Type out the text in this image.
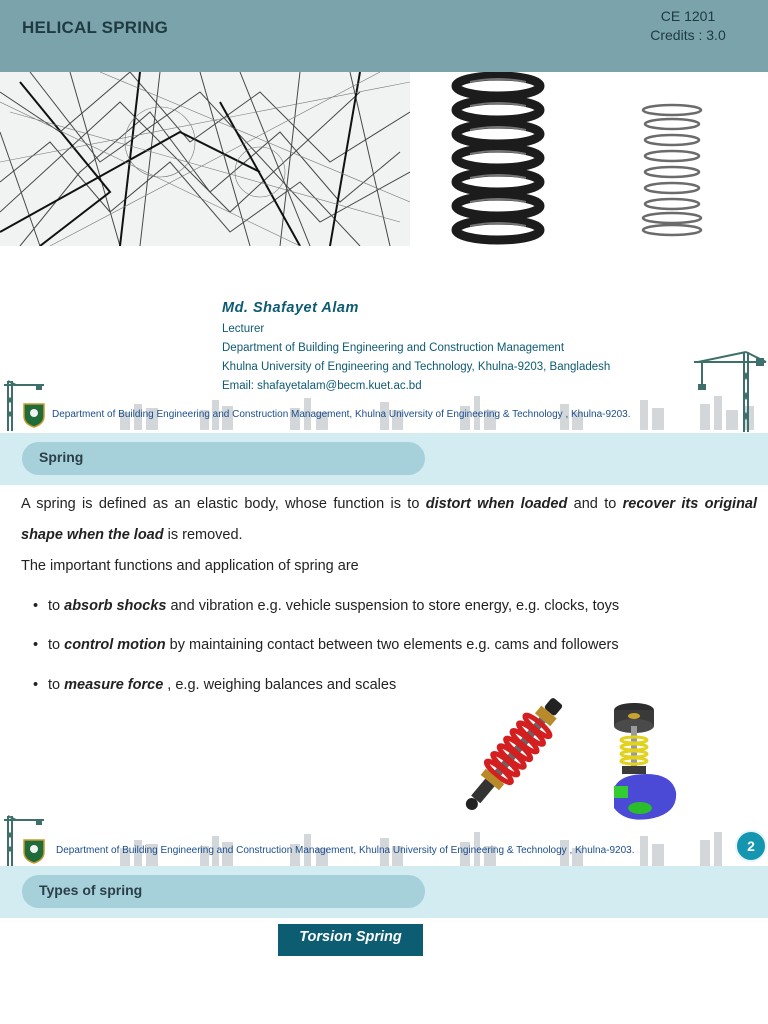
HELICAL SPRING
CE 1201
Credits : 3.0
Md. Shafayet Alam
Lecturer
Department of Building Engineering and Construction Management
Khulna University of Engineering and Technology, Khulna-9203, Bangladesh
Email: shafayetalam@becm.kuet.ac.bd
Department of Building Engineering and Construction Management, Khulna University of Engineering & Technology , Khulna-9203.
Spring
A spring is defined as an elastic body, whose function is to distort when loaded and to recover its original shape when the load is removed.
The important functions and application of spring are
• to absorb shocks and vibration e.g. vehicle suspension to store energy, e.g. clocks, toys
• to control motion by maintaining contact between two elements e.g. cams and followers
• to measure force , e.g. weighing balances and scales
Department of Building Engineering and Construction Management, Khulna University of Engineering & Technology , Khulna-9203.	2
Types of spring
Torsion Spring
